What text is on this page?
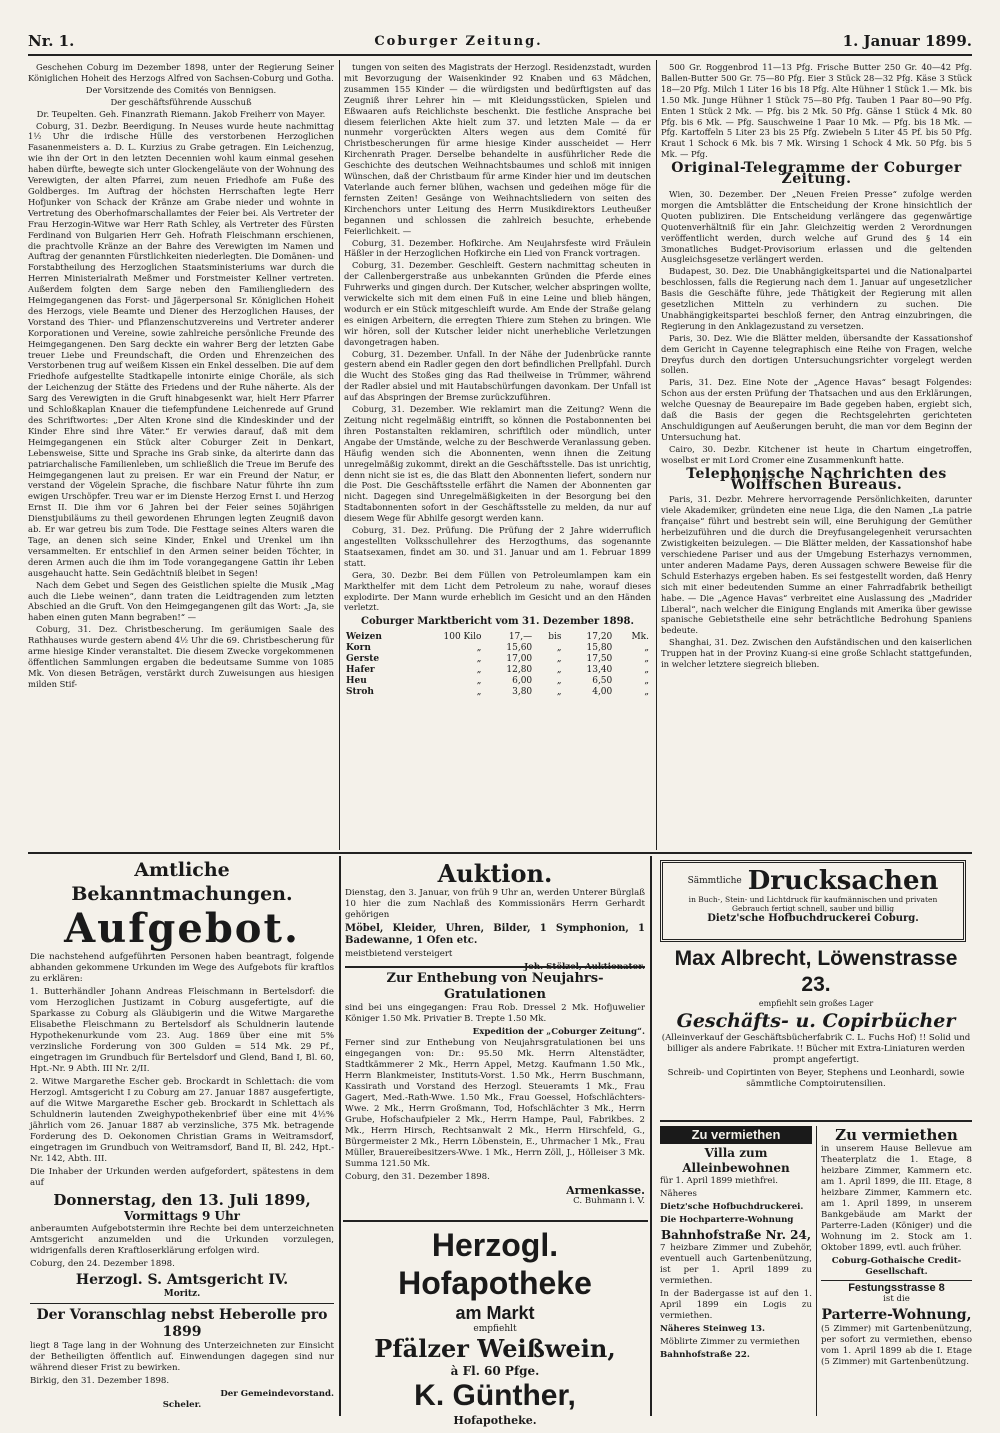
Nr. 1.	Coburger Zeitung.	1. Januar 1899.

Geschehen Coburg im Dezember 1898, unter der Regierung Seiner Königlichen Hoheit des Herzogs Alfred von Sachsen-Coburg und Gotha.

Der Vorsitzende des Comités von Bennigsen.

Der geschäftsführende Ausschuß

Dr. Teupelten. Geh. Finanzrath Riemann. Jakob Freiherr von Mayer.

Coburg, 31. Dezbr. Beerdigung. In Neuses wurde heute nachmittag 1½ Uhr die irdische Hülle des verstorbenen Herzoglichen Fasanenmeisters a. D. L. Kurzius zu Grabe getragen. Ein Leichenzug, wie ihn der Ort in den letzten Decennien wohl kaum einmal gesehen haben dürfte, bewegte sich unter Glockengeläute von der Wohnung des Verewigten, der alten Pfarrei, zum neuen Friedhofe am Fuße des Goldberges. Im Auftrag der höchsten Herrschaften legte Herr Hofjunker von Schack der Kränze am Grabe nieder und wohnte in Vertretung des Oberhofmarschallamtes der Feier bei. Als Vertreter der Frau Herzogin-Witwe war Herr Rath Schley, als Vertreter des Fürsten Ferdinand von Bulgarien Herr Geh. Hofrath Fleischmann erschienen, die prachtvolle Kränze an der Bahre des Verewigten im Namen und Auftrag der genannten Fürstlichkeiten niederlegten. Die Domänen- und Forstabtheilung des Herzoglichen Staatsministeriums war durch die Herren Ministerialrath Meßmer und Forstmeister Kellner vertreten. Außerdem folgten dem Sarge neben den Familiengliedern des Heimgegangenen das Forst- und Jägerpersonal Sr. Königlichen Hoheit des Herzogs, viele Beamte und Diener des Herzoglichen Hauses, der Vorstand des Thier- und Pflanzenschutzvereins und Vertreter anderer Korporationen und Vereine, sowie zahlreiche persönliche Freunde des Heimgegangenen. Den Sarg deckte ein wahrer Berg der letzten Gabe treuer Liebe und Freundschaft, die Orden und Ehrenzeichen des Verstorbenen trug auf weißem Kissen ein Enkel desselben. Die auf dem Friedhofe aufgestellte Stadtkapelle intonirte einige Choräle, als sich der Leichenzug der Stätte des Friedens und der Ruhe näherte. Als der Sarg des Verewigten in die Gruft hinabgesenkt war, hielt Herr Pfarrer und Schloßkaplan Knauer die tiefempfundene Leichenrede auf Grund des Schriftwortes: „Der Alten Krone sind die Kindeskinder und der Kinder Ehre sind ihre Väter.“ Er verwies darauf, daß mit dem Heimgegangenen ein Stück alter Coburger Zeit in Denkart, Lebensweise, Sitte und Sprache ins Grab sinke, da alterirte dann das patriarchalische Familienleben, um schließlich die Treue im Berufe des Heimgegangenen laut zu preisen. Er war ein Freund der Natur, er verstand der Vögelein Sprache, die fischbare Natur führte ihn zum ewigen Urschöpfer. Treu war er im Dienste Herzog Ernst I. und Herzog Ernst II. Die ihm vor 6 Jahren bei der Feier seines 50jährigen Dienstjubiläums zu theil gewordenen Ehrungen legten Zeugniß davon ab. Er war getreu bis zum Tode. Die Festtage seines Alters waren die Tage, an denen sich seine Kinder, Enkel und Urenkel um ihn versammelten. Er entschlief in den Armen seiner beiden Töchter, in deren Armen auch die ihm im Tode vorangegangene Gattin ihr Leben ausgehaucht hatte. Sein Gedächtniß bleibet in Segen!

Nach dem Gebet und Segen des Geistlichen spielte die Musik „Mag auch die Liebe weinen“, dann traten die Leidtragenden zum letzten Abschied an die Gruft. Von den Heimgegangenen gilt das Wort: „Ja, sie haben einen guten Mann begraben!“ —

Coburg, 31. Dez. Christbescherung. Im geräumigen Saale des Rathhauses wurde gestern abend 4½ Uhr die 69. Christbescherung für arme hiesige Kinder veranstaltet. Die diesem Zwecke vorgekommenen öffentlichen Sammlungen ergaben die bedeutsame Summe von 1085 Mk. Von diesen Beträgen, verstärkt durch Zuweisungen aus hiesigen milden Stif-

tungen von seiten des Magistrats der Herzogl. Residenzstadt, wurden mit Bevorzugung der Waisenkinder 92 Knaben und 63 Mädchen, zusammen 155 Kinder — die würdigsten und bedürftigsten auf das Zeugniß ihrer Lehrer hin — mit Kleidungsstücken, Spielen und Eßwaaren aufs Reichlichste beschenkt. Die festliche Ansprache bei diesem feierlichen Akte hielt zum 37. und letzten Male — da er nunmehr vorgerückten Alters wegen aus dem Comité für Christbescherungen für arme hiesige Kinder ausscheidet — Herr Kirchenrath Prager. Derselbe behandelte in ausführlicher Rede die Geschichte des deutschen Weihnachtsbaumes und schloß mit innigen Wünschen, daß der Christbaum für arme Kinder hier und im deutschen Vaterlande auch ferner blühen, wachsen und gedeihen möge für die fernsten Zeiten! Gesänge von Weihnachtsliedern von seiten des Kirchenchors unter Leitung des Herrn Musikdirektors Leutheußer begannen und schlossen die zahlreich besuchte, erhebende Feierlichkeit. —

Coburg, 31. Dezember. Hofkirche. Am Neujahrsfeste wird Fräulein Häßler in der Herzoglichen Hofkirche ein Lied von Franck vortragen.

Coburg, 31. Dezember. Geschleift. Gestern nachmittag scheuten in der Callenbergerstraße aus unbekannten Gründen die Pferde eines Fuhrwerks und gingen durch. Der Kutscher, welcher abspringen wollte, verwickelte sich mit dem einen Fuß in eine Leine und blieb hängen, wodurch er ein Stück mitgeschleift wurde. Am Ende der Straße gelang es einigen Arbeitern, die erregten Thiere zum Stehen zu bringen. Wie wir hören, soll der Kutscher leider nicht unerhebliche Verletzungen davongetragen haben.

Coburg, 31. Dezember. Unfall. In der Nähe der Judenbrücke rannte gestern abend ein Radler gegen den dort befindlichen Prellpfahl. Durch die Wucht des Stoßes ging das Rad theilweise in Trümmer, während der Radler absiel und mit Hautabschürfungen davonkam. Der Unfall ist auf das Abspringen der Bremse zurückzuführen.

Coburg, 31. Dezember. Wie reklamirt man die Zeitung? Wenn die Zeitung nicht regelmäßig eintrifft, so können die Postabonnenten bei ihren Postanstalten reklamiren, schriftlich oder mündlich, unter Angabe der Umstände, welche zu der Beschwerde Veranlassung geben. Häufig wenden sich die Abonnenten, wenn ihnen die Zeitung unregelmäßig zukommt, direkt an die Geschäftsstelle. Das ist unrichtig, denn nicht sie ist es, die das Blatt den Abonnenten liefert, sondern nur die Post. Die Geschäftsstelle erfährt die Namen der Abonnenten gar nicht. Dagegen sind Unregelmäßigkeiten in der Besorgung bei den Stadtabonnenten sofort in der Geschäftsstelle zu melden, da nur auf diesem Wege für Abhilfe gesorgt werden kann.

Coburg, 31. Dez. Prüfung. Die Prüfung der 2 Jahre widerruflich angestellten Volksschullehrer des Herzogthums, das sogenannte Staatsexamen, findet am 30. und 31. Januar und am 1. Februar 1899 statt.

Gera, 30. Dezbr. Bei dem Füllen von Petroleumlampen kam ein Markthelfer mit dem Licht dem Petroleum zu nahe, worauf dieses explodirte. Der Mann wurde erheblich im Gesicht und an den Händen verletzt.

Coburger Marktbericht vom 31. Dezember 1898.
Weizen	100 Kilo	17,—	bis	17,20	Mk.
Korn	„	15,60	„	15,80	„
Gerste	„	17,00	„	17,50	„
Hafer	„	12,80	„	13,40	„
Heu	„	6,00	„	6,50	„
Stroh	„	3,80	„	4,00	„

500 Gr. Roggenbrod 11—13 Pfg. Frische Butter 250 Gr. 40—42 Pfg. Ballen-Butter 500 Gr. 75—80 Pfg. Eier 3 Stück 28—32 Pfg. Käse 3 Stück 18—20 Pfg. Milch 1 Liter 16 bis 18 Pfg. Alte Hühner 1 Stück 1.— Mk. bis 1.50 Mk. Junge Hühner 1 Stück 75—80 Pfg. Tauben 1 Paar 80—90 Pfg. Enten 1 Stück 2 Mk. — Pfg. bis 2 Mk. 50 Pfg. Gänse 1 Stück 4 Mk. 80 Pfg. bis 6 Mk. — Pfg. Sauschweine 1 Paar 10 Mk. — Pfg. bis 18 Mk. — Pfg. Kartoffeln 5 Liter 23 bis 25 Pfg. Zwiebeln 5 Liter 45 Pf. bis 50 Pfg. Kraut 1 Schock 6 Mk. bis 7 Mk. Wirsing 1 Schock 4 Mk. 50 Pfg. bis 5 Mk. — Pfg.

Original-Telegramme der Coburger Zeitung.

Wien, 30. Dezember. Der „Neuen Freien Presse“ zufolge werden morgen die Amtsblätter die Entscheidung der Krone hinsichtlich der Quoten publiziren. Die Entscheidung verlängere das gegenwärtige Quotenverhältniß für ein Jahr. Gleichzeitig werden 2 Verordnungen veröffentlicht werden, durch welche auf Grund des § 14 ein 3monatliches Budget-Provisorium erlassen und die geltenden Ausgleichsgesetze verlängert werden.

Budapest, 30. Dez. Die Unabhängigkeitspartei und die Nationalpartei beschlossen, falls die Regierung nach dem 1. Januar auf ungesetzlicher Basis die Geschäfte führe, jede Thätigkeit der Regierung mit allen gesetzlichen Mitteln zu verhindern zu suchen. Die Unabhängigkeitspartei beschloß ferner, den Antrag einzubringen, die Regierung in den Anklagezustand zu versetzen.

Paris, 30. Dez. Wie die Blätter melden, übersandte der Kassationshof dem Gericht in Cayenne telegraphisch eine Reihe von Fragen, welche Dreyfus durch den dortigen Untersuchungsrichter vorgelegt werden sollen.

Paris, 31. Dez. Eine Note der „Agence Havas“ besagt Folgendes: Schon aus der ersten Prüfung der Thatsachen und aus den Erklärungen, welche Quesnay de Beaurepaire im Bade gegeben haben, ergiebt sich, daß die Basis der gegen die Rechtsgelehrten gerichteten Anschuldigungen auf Aeußerungen beruht, die man vor dem Beginn der Untersuchung hat.

Cairo, 30. Dezbr. Kitchener ist heute in Chartum eingetroffen, woselbst er mit Lord Cromer eine Zusammenkunft hatte.

Telephonische Nachrichten des Wolffschen Bureaus.

Paris, 31. Dezbr. Mehrere hervorragende Persönlichkeiten, darunter viele Akademiker, gründeten eine neue Liga, die den Namen „La patrie française“ führt und bestrebt sein will, eine Beruhigung der Gemüther herbeizuführen und die durch die Dreyfusangelegenheit verursachten Zwistigkeiten beizulegen. — Die Blätter melden, der Kassationshof habe verschiedene Pariser und aus der Umgebung Esterhazys vernommen, unter anderen Madame Pays, deren Aussagen schwere Beweise für die Schuld Esterhazys ergeben haben. Es sei festgestellt worden, daß Henry sich mit einer bedeutenden Summe an einer Fahrradfabrik betheiligt habe. — Die „Agence Havas“ verbreitet eine Auslassung des „Madrider Liberal“, nach welcher die Einigung Englands mit Amerika über gewisse spanische Gebietstheile eine sehr beträchtliche Bedrohung Spaniens bedeute.

Shanghai, 31. Dez. Zwischen den Aufständischen und den kaiserlichen Truppen hat in der Provinz Kuang-si eine große Schlacht stattgefunden, in welcher letztere siegreich blieben.

Amtliche Bekanntmachungen.
Aufgebot.

Die nachstehend aufgeführten Personen haben beantragt, folgende abhanden gekommene Urkunden im Wege des Aufgebots für kraftlos zu erklären:

1. Butterhändler Johann Andreas Fleischmann in Bertelsdorf: die vom Herzoglichen Justizamt in Coburg ausgefertigte, auf die Sparkasse zu Coburg als Gläubigerin und die Witwe Margarethe Elisabethe Fleischmann zu Bertelsdorf als Schuldnerin lautende Hypothekenurkunde vom 23. Aug. 1869 über eine mit 5% verzinsliche Forderung von 300 Gulden = 514 Mk. 29 Pf., eingetragen im Grundbuch für Bertelsdorf und Glend, Band I, Bl. 60, Hpt.-Nr. 9 Abth. III Nr. 2/II.

2. Witwe Margarethe Escher geb. Brockardt in Schlettach: die vom Herzogl. Amtsgericht I zu Coburg am 27. Januar 1887 ausgefertigte, auf die Witwe Margarethe Escher geb. Brockardt in Schlettach als Schuldnerin lautenden Zweighypothekenbrief über eine mit 4½% jährlich vom 26. Januar 1887 ab verzinsliche, 375 Mk. betragende Forderung des D. Oekonomen Christian Grams in Weitramsdorf, eingetragen im Grundbuch von Weitramsdorf, Band II, Bl. 242, Hpt.-Nr. 142, Abth. III.

Die Inhaber der Urkunden werden aufgefordert, spätestens in dem auf

Donnerstag, den 13. Juli 1899,
Vormittags 9 Uhr

anberaumten Aufgebotstermin ihre Rechte bei dem unterzeichneten Amtsgericht anzumelden und die Urkunden vorzulegen, widrigenfalls deren Kraftloserklärung erfolgen wird.

Coburg, den 24. Dezember 1898.

Herzogl. S. Amtsgericht IV.
Moritz.
Der Voranschlag nebst Heberolle pro 1899

liegt 8 Tage lang in der Wohnung des Unterzeichneten zur Einsicht der Betheiligten öffentlich auf. Einwendungen dagegen sind nur während dieser Frist zu bewirken.

Birkig, den 31. Dezember 1898.

Der Gemeindevorstand.
Scheler.
Auktion.

Dienstag, den 3. Januar, von früh 9 Uhr an, werden Unterer Bürglaß 10 hier die zum Nachlaß des Kommissionärs Herrn Gerhardt gehörigen

Möbel, Kleider, Uhren, Bilder, 1 Symphonion, 1 Badewanne, 1 Ofen etc.

meistbietend versteigert

Joh. Stölzel, Auktionator.
Zur Enthebung von Neujahrs-Gratulationen

sind bei uns eingegangen: Frau Rob. Dressel 2 Mk. Hofjuwelier Königer 1.50 Mk. Privatier B. Trepte 1.50 Mk.

Expedition der „Coburger Zeitung“.

Ferner sind zur Enthebung von Neujahrsgratulationen bei uns eingegangen von: Dr.: 95.50 Mk. Herrn Altenstädter, Stadtkämmerer 2 Mk., Herrn Appel, Metzg. Kaufmann 1.50 Mk., Herrn Blankmeister, Instituts-Vorst. 1.50 Mk., Herrn Buschmann, Kassirath und Vorstand des Herzogl. Steueramts 1 Mk., Frau Gagert, Med.-Rath-Wwe. 1.50 Mk., Frau Goessel, Hofschlächters-Wwe. 2 Mk., Herrn Großmann, Tod, Hofschlächter 3 Mk., Herrn Grube, Hofschaufpieler 2 Mk., Herrn Hampe, Paul, Fabrikbes. 2 Mk., Herrn Hirsch, Rechtsanwalt 2 Mk., Herrn Hirschfeld, G., Bürgermeister 2 Mk., Herrn Löbenstein, E., Uhrmacher 1 Mk., Frau Müller, Brauereibesitzers-Wwe. 1 Mk., Herrn Zöll, J., Hölleiser 3 Mk. Summa 121.50 Mk.

Coburg, den 31. Dezember 1898.

Armenkasse.
C. Buhmann i. V.
Herzogl. Hofapotheke
am Markt
empfiehlt
Pfälzer Weißwein,
à Fl. 60 Pfge.
K. Günther,
Hofapotheke.
Sämmtliche Drucksachen
in Buch-, Stein- und Lichtdruck für kaufmännischen und privaten Gebrauch fertigt schnell, sauber und billig
Dietz'sche Hofbuchdruckerei Coburg.
Max Albrecht, Löwenstrasse 23.
empfiehlt sein großes Lager
Geschäfts- u. Copirbücher

(Alleinverkauf der Geschäftsbücherfabrik C. L. Fuchs Hof) !! Solid und billiger als andere Fabrikate. !! Bücher mit Extra-Liniaturen werden prompt angefertigt.

Schreib- und Copirtinten von Beyer, Stephens und Leonhardi, sowie sämmtliche Comptoirutensilien.

Zu vermiethen
Villa zum Alleinbewohnen

für 1. April 1899 miethfrei.

Näheres

Dietz'sche Hofbuchdruckerei.

Die Hochparterre-Wohnung

Bahnhofstraße Nr. 24,

7 heizbare Zimmer und Zubehör, eventuell auch Gartenbenützung, ist per 1. April 1899 zu vermiethen.

In der Badergasse ist auf den 1. April 1899 ein Logis zu vermiethen.

Näheres Steinweg 13.

Möblirte Zimmer zu vermiethen

Bahnhofstraße 22.

Zu vermiethen

in unserem Hause Bellevue am Theaterplatz die 1. Etage, 8 heizbare Zimmer, Kammern etc. am 1. April 1899, die III. Etage, 8 heizbare Zimmer, Kammern etc. am 1. April 1899, in unserem Bankgebäude am Markt der Parterre-Laden (Königer) und die Wohnung im 2. Stock am 1. Oktober 1899, evtl. auch früher.

Coburg-Gothaische Credit-Gesellschaft.

Festungsstrasse 8

ist die

Parterre-Wohnung,

(5 Zimmer) mit Gartenbenützung, per sofort zu vermiethen, ebenso vom 1. April 1899 ab die I. Etage (5 Zimmer) mit Gartenbenützung.
